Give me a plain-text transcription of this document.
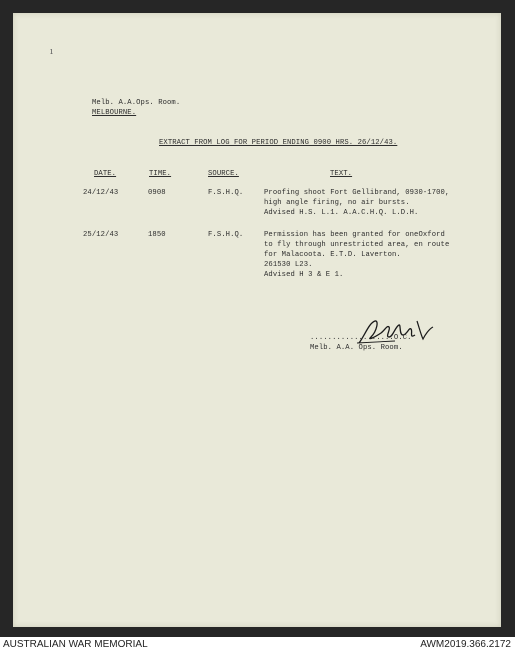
ı
Melb. A.A.Ops. Room.
MELBOURNE.
EXTRACT FROM LOG FOR PERIOD ENDING 0900 HRS. 26/12/43.
DATE.	TIME.	SOURCE.	TEXT.
24/12/43	0908	F.S.H.Q.	Proofing shoot Fort Gellibrand, 0930-1700,
high angle firing, no air bursts.
Advised H.S. L.1. A.A.C.H.Q. L.D.H.
25/12/43	1850	F.S.H.Q.	Permission has been granted for oneOxford
to fly through unrestricted area, en route
for Malacoota. E.T.D. Laverton.
261530 L23.
Advised H 3 & E 1.
...................O.C.
Melb. A.A. Ops. Room.
AUSTRALIAN WAR MEMORIAL	AWM2019.366.2172
